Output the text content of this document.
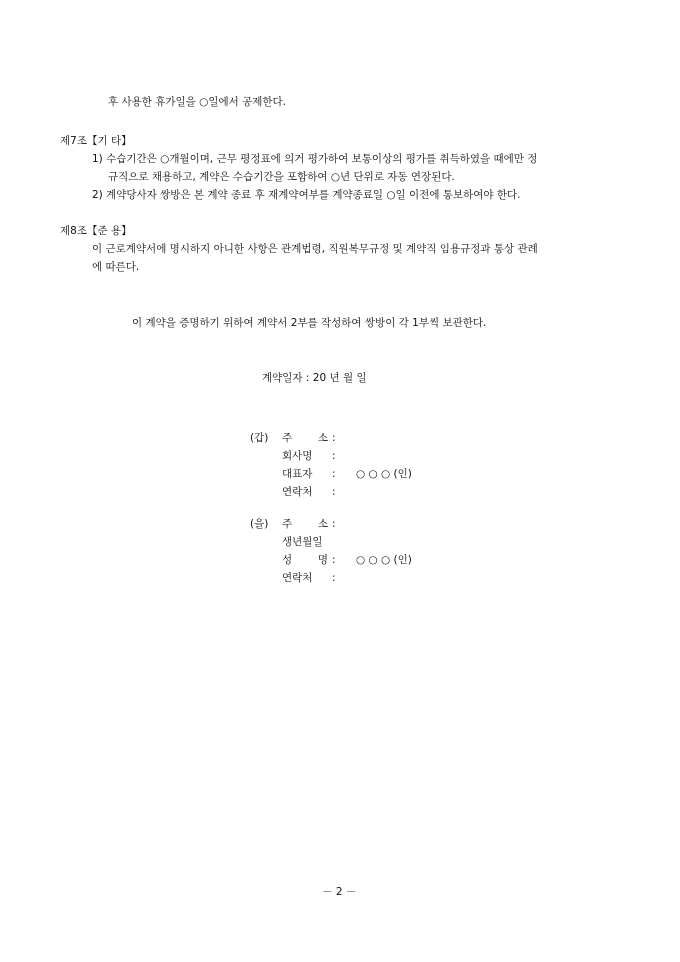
후 사용한 휴가일을 ○일에서 공제한다.
제7조【기 타】
1) 수습기간은 ○개월이며, 근무 평정표에 의거 평가하여 보통이상의 평가를 취득하였을 때에만 정
규직으로 채용하고, 계약은 수습기간을 포함하여 ○년 단위로 자동 연장된다.
2) 계약당사자 쌍방은 본 계약 종료 후 재계약여부를 계약종료일 ○일 이전에 통보하여야 한다.
제8조【준 용】
이 근로계약서에 명시하지 아니한 사항은 관계법령, 직원복무규정 및 계약직 임용규정과 통상 관례
에 따른다.
이 계약을 증명하기 위하여 계약서 2부를 작성하여 쌍방이 각 1부씩 보관한다.
계약일자 : 20 년 월 일
(갑) 주 소 :
회사명	:
대표자	: ○ ○ ○ (인)
연락처	:
(을) 주 소 :
생년월일
성 명 : ○ ○ ○ (인)
연락처	:
－ 2 －
